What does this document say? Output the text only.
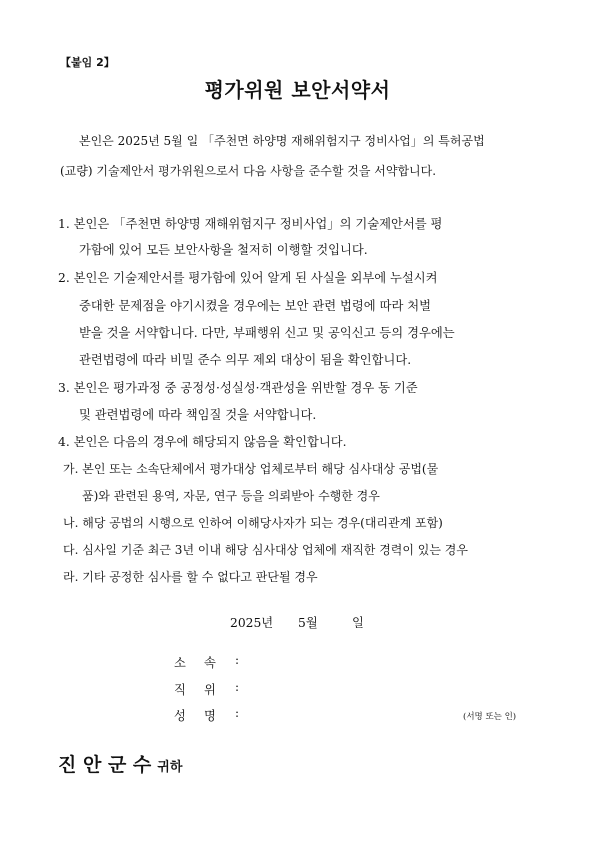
【붙임 2】
평가위원 보안서약서
본인은 2025년 5월 일 「주천면 하양명 재해위험지구 정비사업」의 특허공법
(교량) 기술제안서 평가위원으로서 다음 사항을 준수할 것을 서약합니다.
1. 본인은 「주천면 하양명 재해위험지구 정비사업」의 기술제안서를 평
가함에 있어 모든 보안사항을 철저히 이행할 것입니다.
2. 본인은 기술제안서를 평가함에 있어 알게 된 사실을 외부에 누설시켜
중대한 문제점을 야기시켰을 경우에는 보안 관련 법령에 따라 처벌
받을 것을 서약합니다. 다만, 부패행위 신고 및 공익신고 등의 경우에는
관련법령에 따라 비밀 준수 의무 제외 대상이 됨을 확인합니다.
3. 본인은 평가과정 중 공정성·성실성·객관성을 위반할 경우 동 기준
및 관련법령에 따라 책임질 것을 서약합니다.
4. 본인은 다음의 경우에 해당되지 않음을 확인합니다.
가. 본인 또는 소속단체에서 평가대상 업체로부터 해당 심사대상 공법(물
품)와 관련된 용역, 자문, 연구 등을 의뢰받아 수행한 경우
나. 해당 공법의 시행으로 인하여 이해당사자가 되는 경우(대리관계 포함)
다. 심사일 기준 최근 3년 이내 해당 심사대상 업체에 재직한 경력이 있는 경우
라. 기타 공정한 심사를 할 수 없다고 판단될 경우
2025년 5월	일
소 속 :
직 위 :
성 명 :	(서명 또는 인)
진 안 군 수 귀하
